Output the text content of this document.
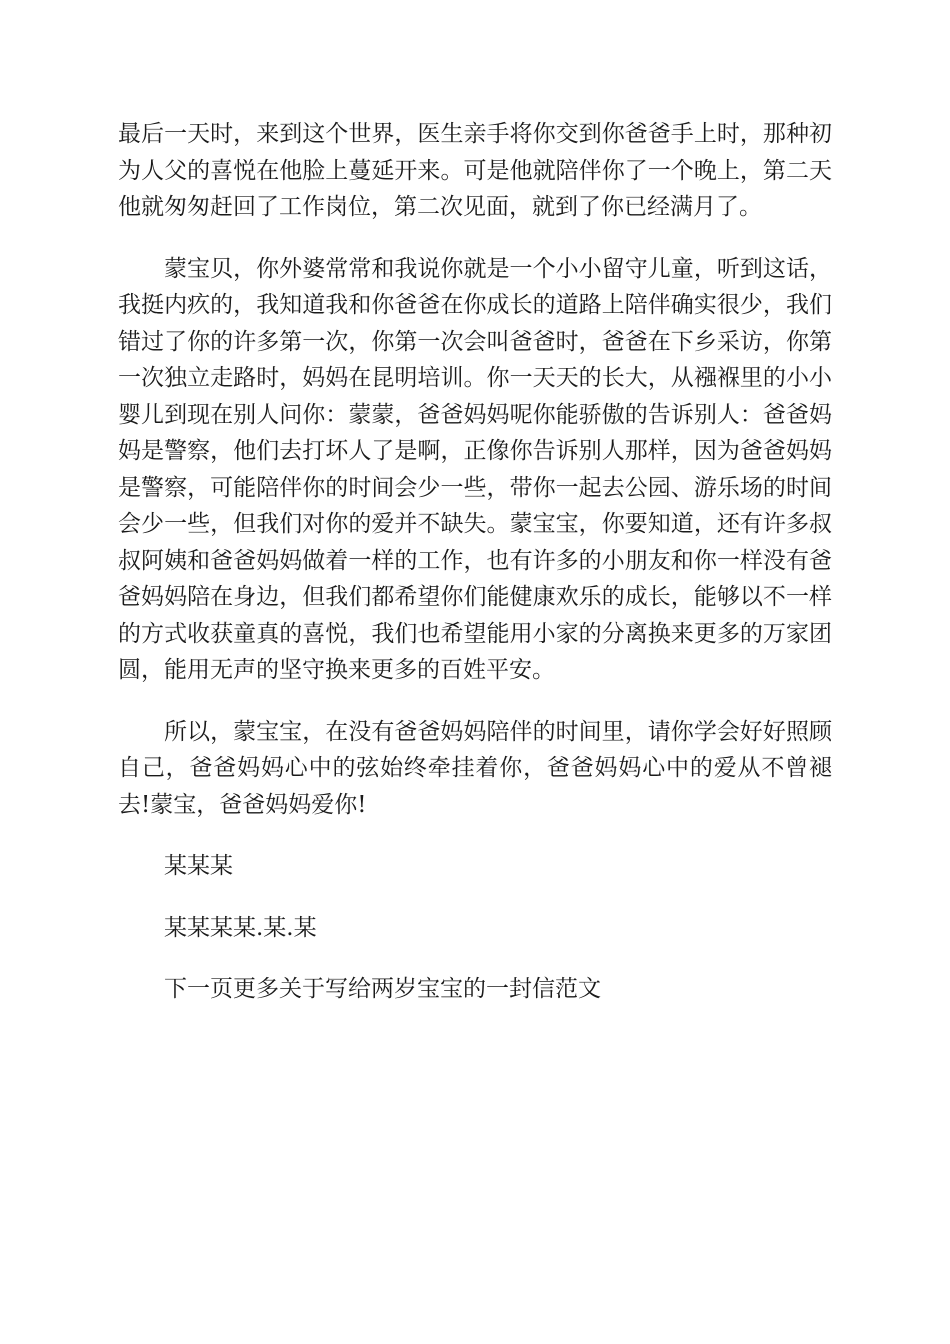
最后一天时，来到这个世界，医生亲手将你交到你爸爸手上时，那种初为人父的喜悦在他脸上蔓延开来。可是他就陪伴你了一个晚上，第二天他就匆匆赶回了工作岗位，第二次见面，就到了你已经满月了。

蒙宝贝，你外婆常常和我说你就是一个小小留守儿童，听到这话，我挺内疚的，我知道我和你爸爸在你成长的道路上陪伴确实很少，我们错过了你的许多第一次，你第一次会叫爸爸时，爸爸在下乡采访，你第一次独立走路时，妈妈在昆明培训。你一天天的长大，从襁褓里的小小婴儿到现在别人问你：蒙蒙，爸爸妈妈呢你能骄傲的告诉别人：爸爸妈妈是警察，他们去打坏人了是啊，正像你告诉别人那样，因为爸爸妈妈是警察，可能陪伴你的时间会少一些，带你一起去公园、游乐场的时间会少一些，但我们对你的爱并不缺失。蒙宝宝，你要知道，还有许多叔叔阿姨和爸爸妈妈做着一样的工作，也有许多的小朋友和你一样没有爸爸妈妈陪在身边，但我们都希望你们能健康欢乐的成长，能够以不一样的方式收获童真的喜悦，我们也希望能用小家的分离换来更多的万家团圆，能用无声的坚守换来更多的百姓平安。

所以，蒙宝宝，在没有爸爸妈妈陪伴的时间里，请你学会好好照顾自己，爸爸妈妈心中的弦始终牵挂着你，爸爸妈妈心中的爱从不曾褪去!蒙宝，爸爸妈妈爱你!

某某某

某某某某.某.某

下一页更多关于写给两岁宝宝的一封信范文
